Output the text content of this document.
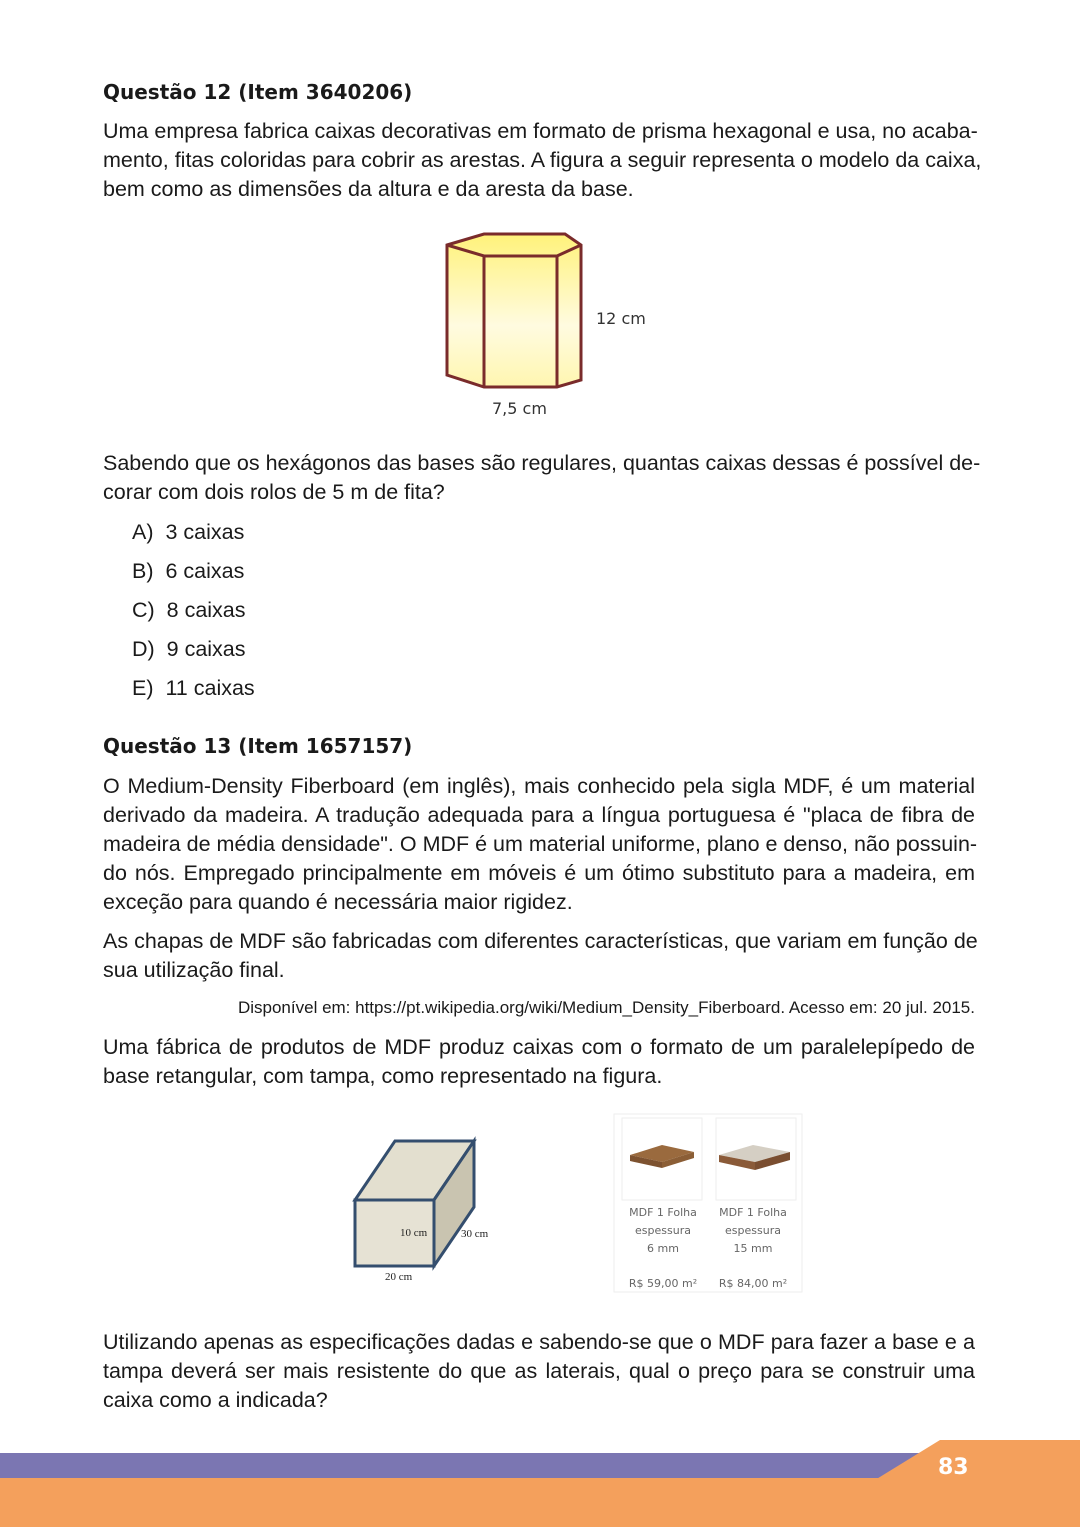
Questão 12 (Item 3640206)
Uma empresa fabrica caixas decorativas em formato de prisma hexagonal e usa, no acaba-
mento, fitas coloridas para cobrir as arestas. A figura a seguir representa o modelo da caixa,
bem como as dimensões da altura e da aresta da base.
12 cm
7,5 cm
Sabendo que os hexágonos das bases são regulares, quantas caixas dessas é possível de-
corar com dois rolos de 5 m de fita?
A)  3 caixas
B)  6 caixas
C)  8 caixas
D)  9 caixas
E)  11 caixas
Questão 13 (Item 1657157)
O Medium-Density Fiberboard (em inglês), mais conhecido pela sigla MDF, é um material
derivado da madeira. A tradução adequada para a língua portuguesa é "placa de fibra de
madeira de média densidade". O MDF é um material uniforme, plano e denso, não possuin-
do nós. Empregado principalmente em móveis é um ótimo substituto para a madeira, em
exceção para quando é necessária maior rigidez.
As chapas de MDF são fabricadas com diferentes características, que variam em função de
sua utilização final.
Disponível em: https://pt.wikipedia.org/wiki/Medium_Density_Fiberboard. Acesso em: 20 jul. 2015.
Uma fábrica de produtos de MDF produz caixas com o formato de um paralelepípedo de
base retangular, com tampa, como representado na figura.
10 cm	30 cm
20 cm
MDF 1 Folha
espessura
6 mm
R$ 59,00 m²
MDF 1 Folha
espessura
15 mm
R$ 84,00 m²
Utilizando apenas as especificações dadas e sabendo-se que o MDF para fazer a base e a
tampa deverá ser mais resistente do que as laterais, qual o preço para se construir uma
caixa como a indicada?
83
